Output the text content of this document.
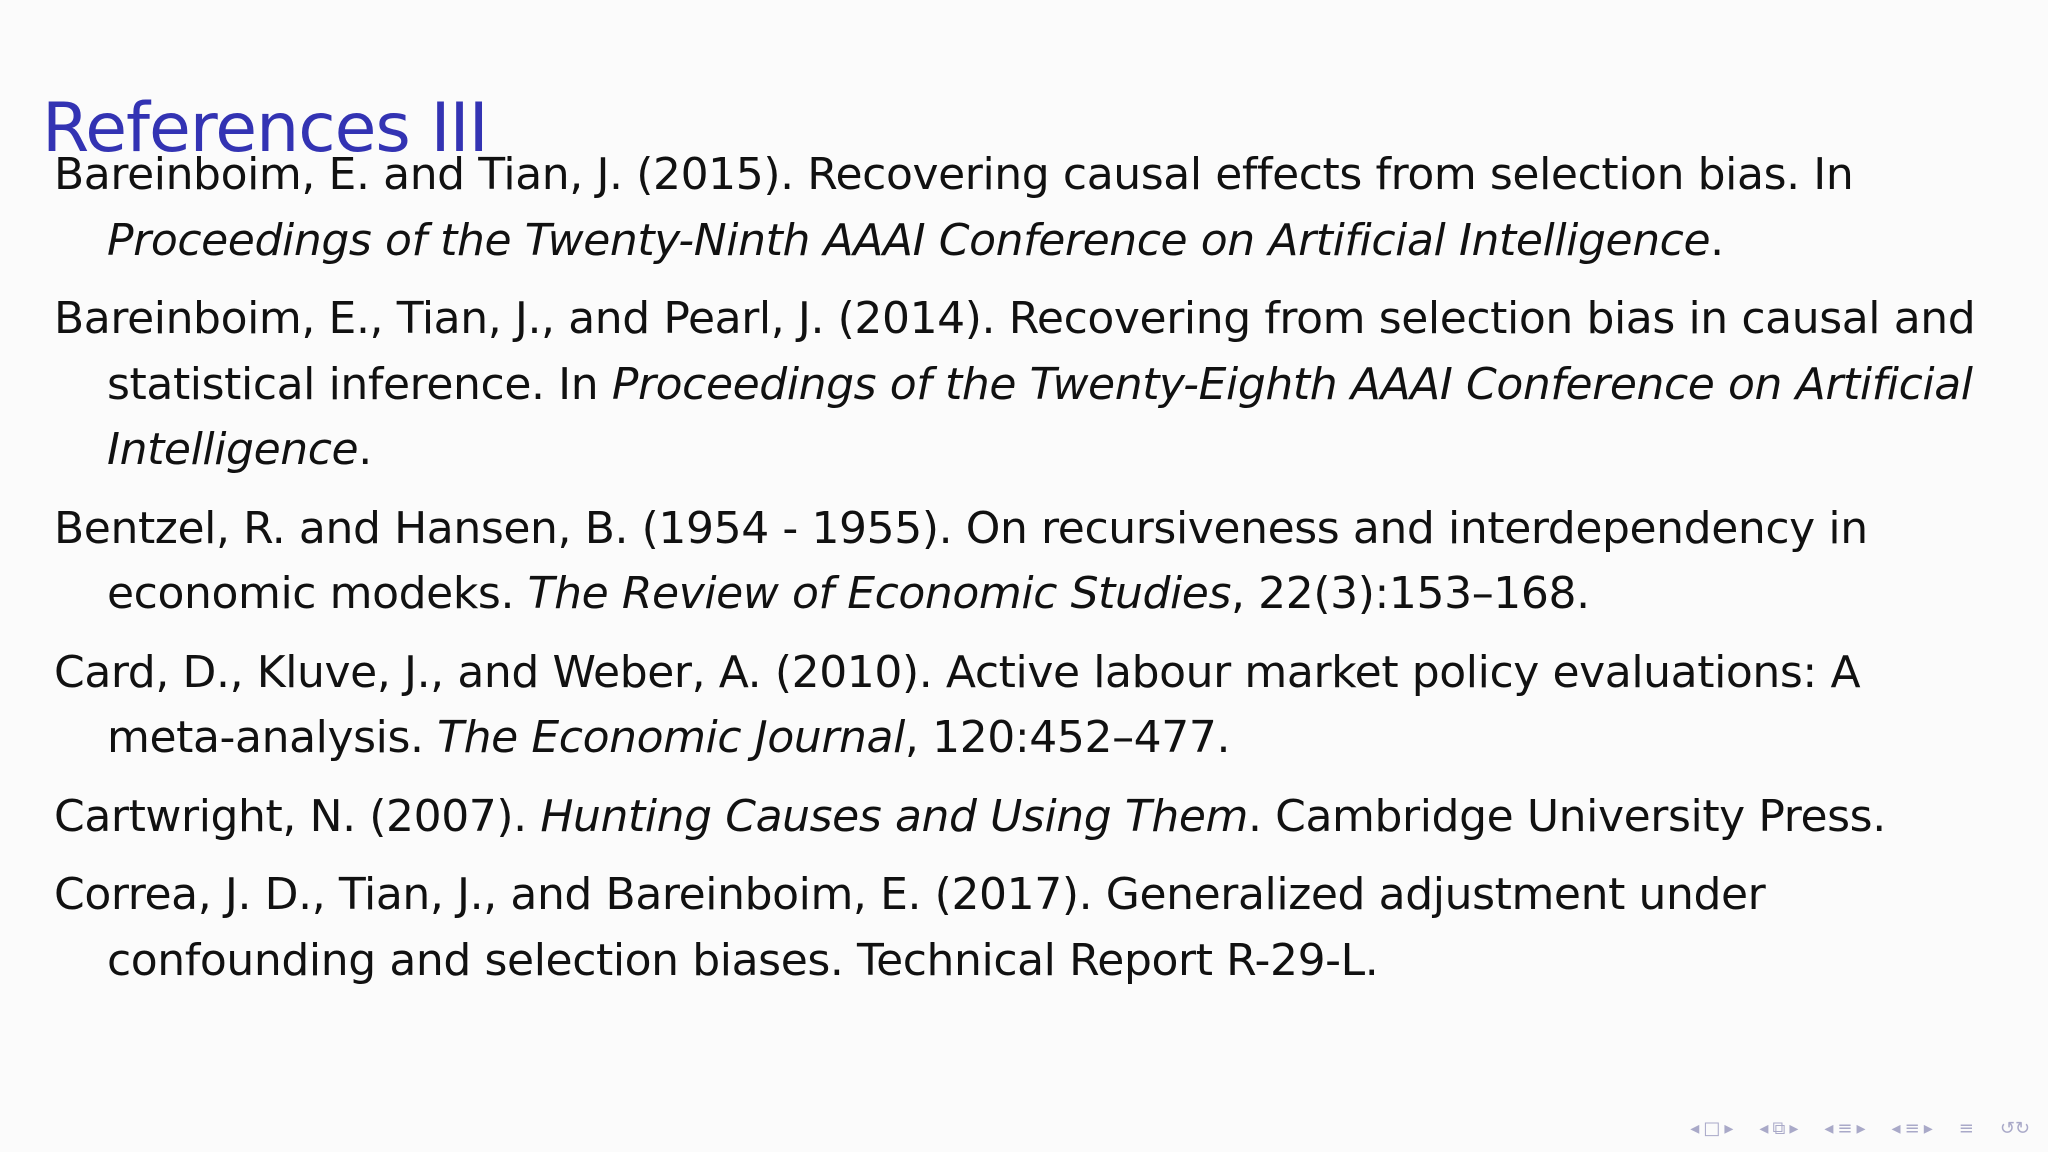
References III
Bareinboim, E. and Tian, J. (2015). Recovering causal effects from selection bias. In Proceedings of the Twenty-Ninth AAAI Conference on Artificial Intelligence.
Bareinboim, E., Tian, J., and Pearl, J. (2014). Recovering from selection bias in causal and statistical inference. In Proceedings of the Twenty-Eighth AAAI Conference on Artificial Intelligence.
Bentzel, R. and Hansen, B. (1954 - 1955). On recursiveness and interdependency in economic modeks. The Review of Economic Studies, 22(3):153–168.
Card, D., Kluve, J., and Weber, A. (2010). Active labour market policy evaluations: A meta-analysis. The Economic Journal, 120:452–477.
Cartwright, N. (2007). Hunting Causes and Using Them. Cambridge University Press.
Correa, J. D., Tian, J., and Bareinboim, E. (2017). Generalized adjustment under confounding and selection biases. Technical Report R-29-L.
◂ □ ▸ ◂ ⧉ ▸ ◂ ≡ ▸ ◂ ≡ ▸ ≡ ↺↻
